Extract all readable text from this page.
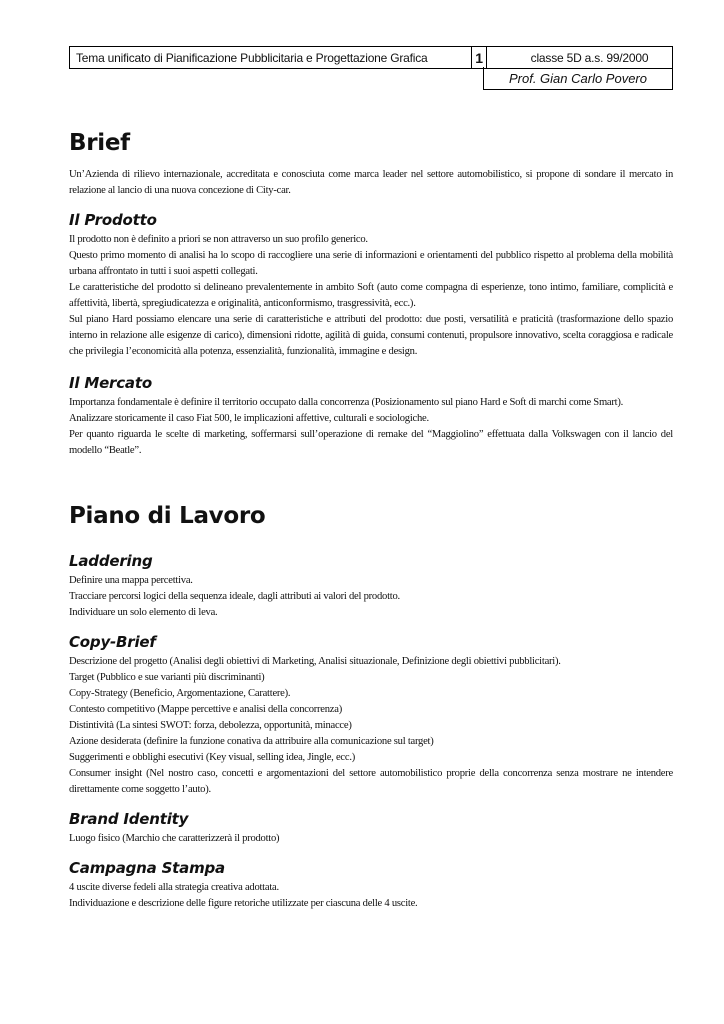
Tema unificato di Pianificazione Pubblicitaria e Progettazione Grafica	1	classe 5D a.s. 99/2000
Prof. Gian Carlo Povero
Brief

Un’Azienda di rilievo internazionale, accreditata e conosciuta come marca leader nel settore automobilistico, si propone di sondare il mercato in relazione al lancio di una nuova concezione di City-car.

Il Prodotto

Il prodotto non è definito a priori se non attraverso un suo profilo generico.

Questo primo momento di analisi ha lo scopo di raccogliere una serie di informazioni e orientamenti del pubblico rispetto al problema della mobilità urbana affrontato in tutti i suoi aspetti collegati.

Le caratteristiche del prodotto si delineano prevalentemente in ambito Soft (auto come compagna di esperienze, tono intimo, familiare, complicità e affettività, libertà, spregiudicatezza e originalità, anticonformismo, trasgressività, ecc.).

Sul piano Hard possiamo elencare una serie di caratteristiche e attributi del prodotto: due posti, versatilità e praticità (trasformazione dello spazio interno in relazione alle esigenze di carico), dimensioni ridotte, agilità di guida, consumi contenuti, propulsore innovativo, scelta coraggiosa e radicale che privilegia l’economicità alla potenza, essenzialità, funzionalità, immagine e design.

Il Mercato

Importanza fondamentale è definire il territorio occupato dalla concorrenza (Posizionamento sul piano Hard e Soft di marchi come Smart).

Analizzare storicamente il caso Fiat 500, le implicazioni affettive, culturali e sociologiche.

Per quanto riguarda le scelte di marketing, soffermarsi sull’operazione di remake del “Maggiolino” effettuata dalla Volkswagen con il lancio del modello “Beatle”.

Piano di Lavoro
Laddering

Definire una mappa percettiva.

Tracciare percorsi logici della sequenza ideale, dagli attributi ai valori del prodotto.

Individuare un solo elemento di leva.

Copy-Brief

Descrizione del progetto (Analisi degli obiettivi di Marketing, Analisi situazionale, Definizione degli obiettivi pubblicitari).

Target (Pubblico e sue varianti più discriminanti)

Copy-Strategy (Beneficio, Argomentazione, Carattere).

Contesto competitivo (Mappe percettive e analisi della concorrenza)

Distintività (La sintesi SWOT: forza, debolezza, opportunità, minacce)

Azione desiderata (definire la funzione conativa da attribuire alla comunicazione sul target)

Suggerimenti e obblighi esecutivi (Key visual, selling idea, Jingle, ecc.)

Consumer insight (Nel nostro caso, concetti e argomentazioni del settore automobilistico proprie della concorrenza senza mostrare ne intendere direttamente come soggetto l’auto).

Brand Identity

Luogo fisico (Marchio che caratterizzerà il prodotto)

Campagna Stampa

4 uscite diverse fedeli alla strategia creativa adottata.

Individuazione e descrizione delle figure retoriche utilizzate per ciascuna delle 4 uscite.
